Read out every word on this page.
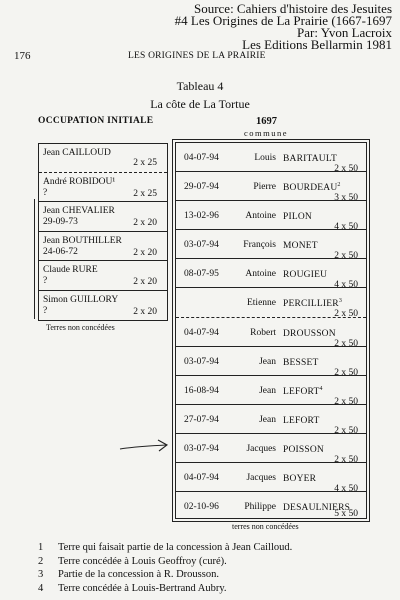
Source: Cahiers d'histoire des Jesuites
#4 Les Origines de La Prairie (1667-1697
Par: Yvon Lacroix
Les Editions Bellarmin 1981
176	LES ORIGINES DE LA PRAIRIE
Tableau 4
La côte de La Tortue
OCCUPATION INITIALE	1697
commune
Jean CAILLOUD
2 x 25
André ROBIDOU¹
?	2 x 25
Jean CHEVALIER
29-09-73	2 x 20
Jean BOUTHILLER
24-06-72	2 x 20
Claude RURE
?	2 x 20
Simon GUILLORY
?	2 x 20
Terres non concédées
04-07-94	Louis BARITAULT
2 x 50
29-07-94	Pierre BOURDEAU$^2$
3 x 50
13-02-96	Antoine PILON
4 x 50
03-07-94	François MONET
2 x 50
08-07-95	Antoine ROUGIEU
4 x 50
Etienne PERCILLIER$^3$
2 x 50
04-07-94	Robert DROUSSON
2 x 50
03-07-94	Jean BESSET
2 x 50
16-08-94	Jean LEFORT$^4$
2 x 50
27-07-94	Jean LEFORT
2 x 50
03-07-94	Jacques POISSON
2 x 50
04-07-94	Jacques BOYER
4 x 50
02-10-96	Philippe DESAULNIERS
5 x 50
terres non concédées
1 Terre qui faisait partie de la concession à Jean Cailloud.
2 Terre concédée à Louis Geoffroy (curé).
3 Partie de la concession à R. Drousson.
4 Terre concédée à Louis-Bertrand Aubry.
